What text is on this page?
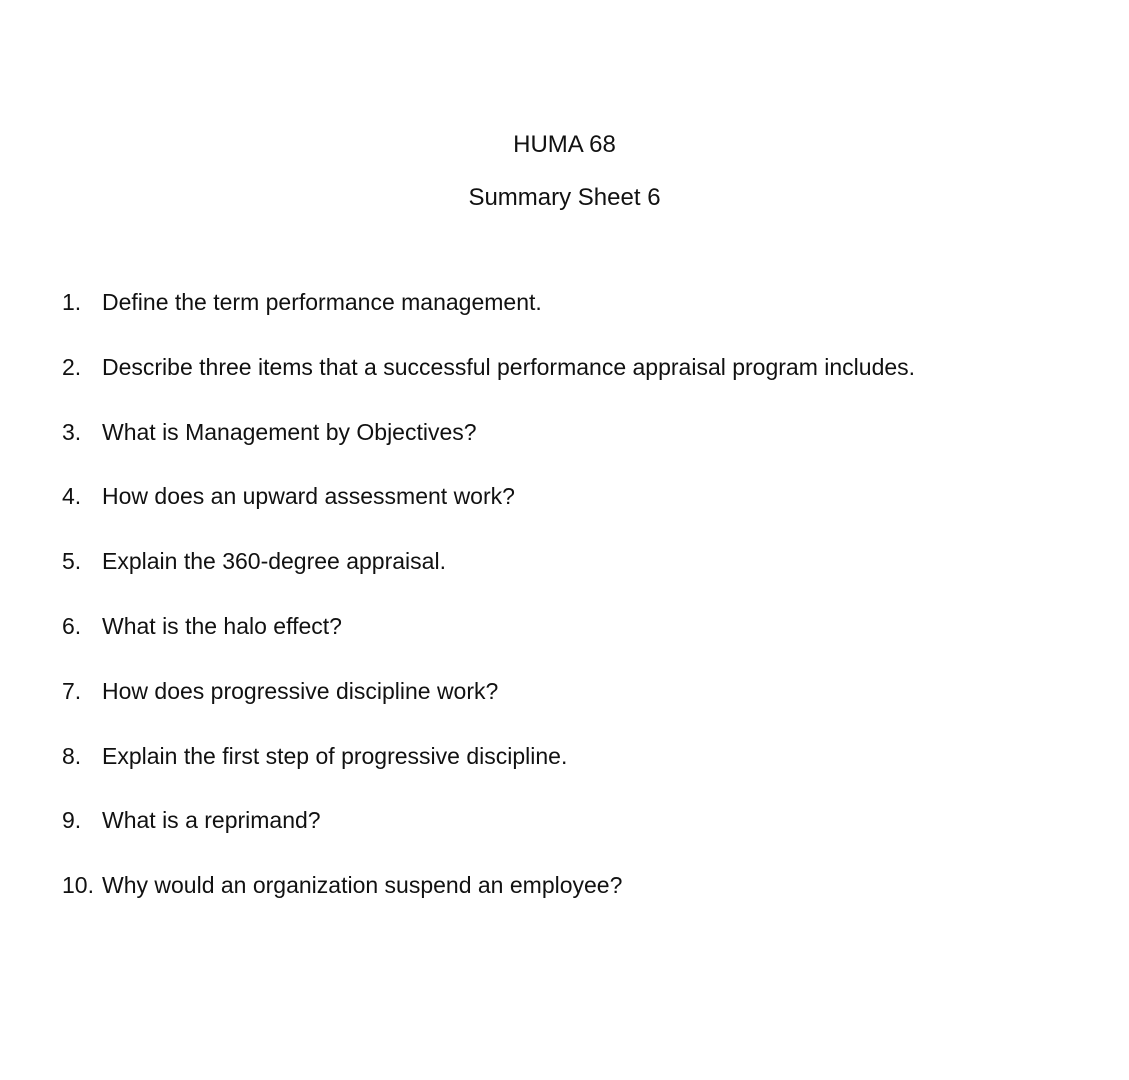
HUMA 68
Summary Sheet 6
1. Define the term performance management.
2. Describe three items that a successful performance appraisal program includes.
3. What is Management by Objectives?
4. How does an upward assessment work?
5. Explain the 360-degree appraisal.
6. What is the halo effect?
7. How does progressive discipline work?
8. Explain the first step of progressive discipline.
9. What is a reprimand?
10. Why would an organization suspend an employee?
